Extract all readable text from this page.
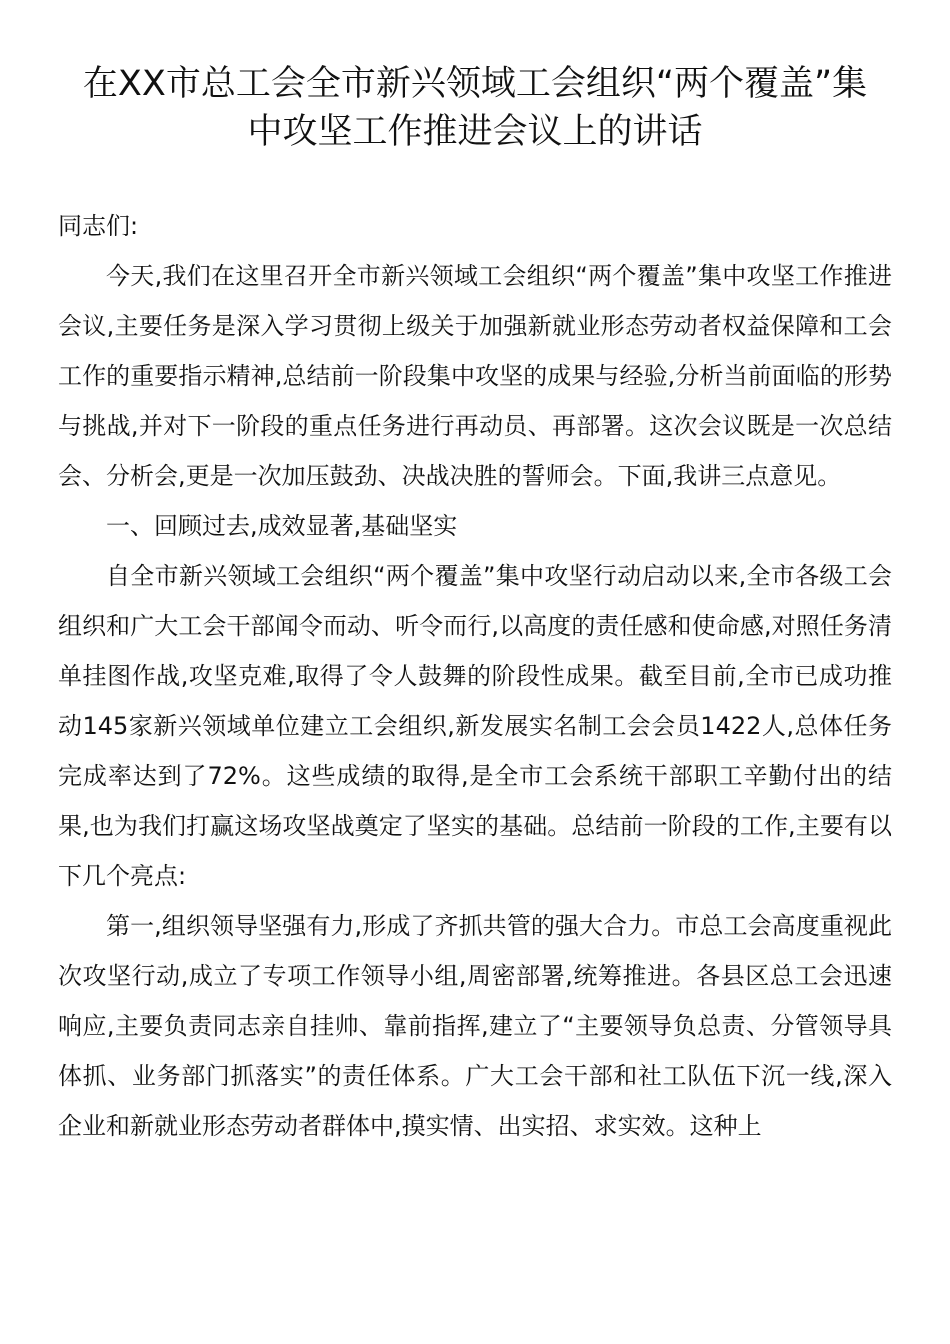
在XX市总工会全市新兴领域工会组织“两个覆盖”集
中攻坚工作推进会议上的讲话

同志们:

今天,我们在这里召开全市新兴领域工会组织“两个覆盖”集中攻坚工作推进会议,主要任务是深入学习贯彻上级关于加强新就业形态劳动者权益保障和工会工作的重要指示精神,总结前一阶段集中攻坚的成果与经验,分析当前面临的形势与挑战,并对下一阶段的重点任务进行再动员、再部署。这次会议既是一次总结会、分析会,更是一次加压鼓劲、决战决胜的誓师会。下面,我讲三点意见。

一、回顾过去,成效显著,基础坚实

自全市新兴领域工会组织“两个覆盖”集中攻坚行动启动以来,全市各级工会组织和广大工会干部闻令而动、听令而行,以高度的责任感和使命感,对照任务清单挂图作战,攻坚克难,取得了令人鼓舞的阶段性成果。截至目前,全市已成功推动145家新兴领域单位建立工会组织,新发展实名制工会会员1422人,总体任务完成率达到了72%。这些成绩的取得,是全市工会系统干部职工辛勤付出的结果,也为我们打赢这场攻坚战奠定了坚实的基础。总结前一阶段的工作,主要有以下几个亮点:

第一,组织领导坚强有力,形成了齐抓共管的强大合力。市总工会高度重视此次攻坚行动,成立了专项工作领导小组,周密部署,统筹推进。各县区总工会迅速响应,主要负责同志亲自挂帅、靠前指挥,建立了“主要领导负总责、分管领导具体抓、业务部门抓落实”的责任体系。广大工会干部和社工队伍下沉一线,深入企业和新就业形态劳动者群体中,摸实情、出实招、求实效。这种上
